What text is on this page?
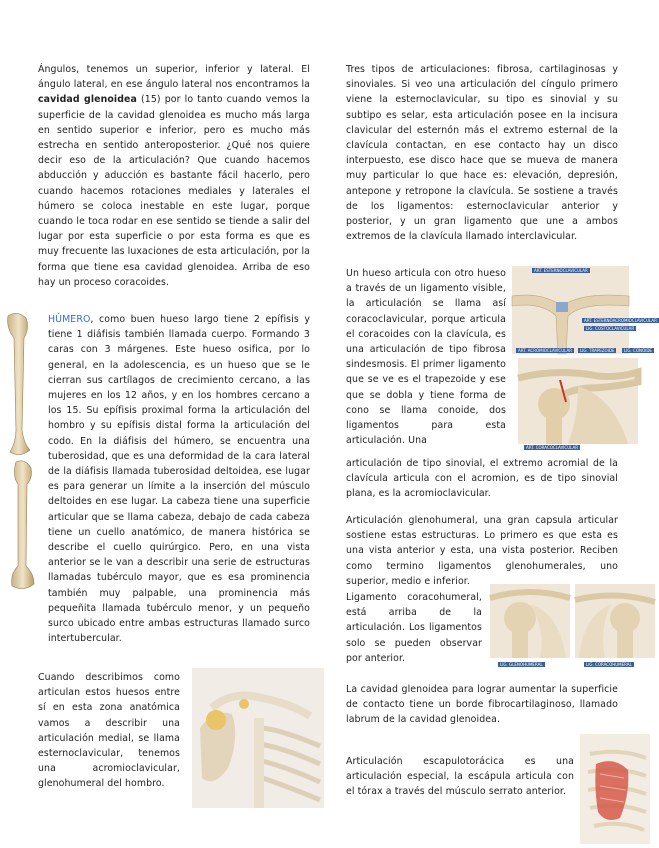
Ángulos, tenemos un superior, inferior y lateral. El ángulo lateral, en ese ángulo lateral nos encontramos la cavidad glenoidea (15) por lo tanto cuando vemos la superficie de la cavidad glenoidea es mucho más larga en sentido superior e inferior, pero es mucho más estrecha en sentido anteroposterior. ¿Qué nos quiere decir eso de la articulación? Que cuando hacemos abducción y aducción es bastante fácil hacerlo, pero cuando hacemos rotaciones mediales y laterales el húmero se coloca inestable en este lugar, porque cuando le toca rodar en ese sentido se tiende a salir del lugar por esta superficie o por esta forma es que es muy frecuente las luxaciones de esta articulación, por la forma que tiene esa cavidad glenoidea. Arriba de eso hay un proceso coracoides.
HÚMERO, como buen hueso largo tiene 2 epífisis y tiene 1 diáfisis también llamada cuerpo. Formando 3 caras con 3 márgenes. Este hueso osifica, por lo general, en la adolescencia, es un hueso que se le cierran sus cartílagos de crecimiento cercano, a las mujeres en los 12 años, y en los hombres cercano a los 15. Su epífisis proximal forma la articulación del hombro y su epífisis distal forma la articulación del codo. En la diáfisis del húmero, se encuentra una tuberosidad, que es una deformidad de la cara lateral de la diáfisis llamada tuberosidad deltoidea, ese lugar es para generar un límite a la inserción del músculo deltoides en ese lugar. La cabeza tiene una superficie articular que se llama cabeza, debajo de cada cabeza tiene un cuello anatómico, de manera histórica se describe el cuello quirúrgico. Pero, en una vista anterior se le van a describir una serie de estructuras llamadas tubérculo mayor, que es esa prominencia también muy palpable, una prominencia más pequeñita llamada tubérculo menor, y un pequeño surco ubicado entre ambas estructuras llamado surco intertubercular.
Cuando describimos como articulan estos huesos entre sí en esta zona anatómica vamos a describir una articulación medial, se llama esternoclavicular, tenemos una acromioclavicular, glenohumeral del hombro.
Tres tipos de articulaciones: fibrosa, cartilaginosas y sinoviales. Si veo una articulación del cíngulo primero viene la esternoclavicular, su tipo es sinovial y su subtipo es selar, esta articulación posee en la incisura clavicular del esternón más el extremo esternal de la clavícula contactan, en ese contacto hay un disco interpuesto, ese disco hace que se mueva de manera muy particular lo que hace es: elevación, depresión, antepone y retropone la clavícula. Se sostiene a través de los ligamentos: esternoclavicular anterior y posterior, y un gran ligamento que une a ambos extremos de la clavícula llamado interclavicular.
Un hueso articula con otro hueso a través de un ligamento visible, la articulación se llama así coracoclavicular, porque articula el coracoides con la clavícula, es una articulación de tipo fibrosa sindesmosis. El primer ligamento que se ve es el trapezoide y ese que se dobla y tiene forma de cono se llama conoide, dos ligamentos para esta articulación. Una
ART. ESTERNOCLAVICULAR
ART. ESTERNOACROMIOCLAVICULAR
LIG. COSTOCLAVICULAR
ART. ACROMIOCLAVICULAR	LIG. TRAPEZOIDE	LIG. CONOIDE
ART. CORACOCLAVICULAR
articulación de tipo sinovial, el extremo acromial de la clavícula articula con el acromion, es de tipo sinovial plana, es la acromioclavicular.
Articulación glenohumeral, una gran capsula articular sostiene estas estructuras. Lo primero es que esta es una vista anterior y esta, una vista posterior. Reciben como termino ligamentos glenohumerales, uno superior, medio e inferior.
Ligamento coracohumeral, está arriba de la articulación. Los ligamentos solo se pueden observar por anterior.
LIG. GLENOHUMERAL	LIG. CORACOHUMERAL
La cavidad glenoidea para lograr aumentar la superficie de contacto tiene un borde fibrocartilaginoso, llamado labrum de la cavidad glenoidea.
Articulación escapulotorácica es una articulación especial, la escápula articula con el tórax a través del músculo serrato anterior.
